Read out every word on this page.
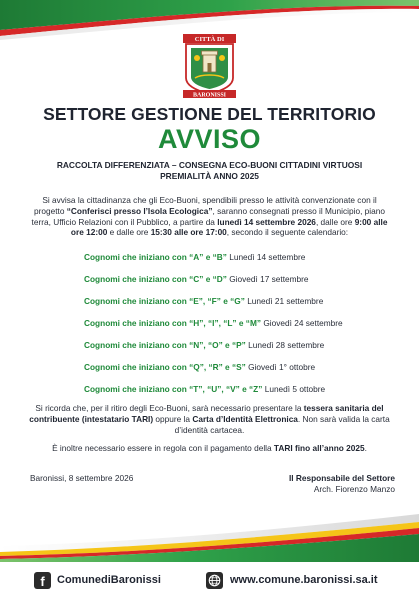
CITTÀ DI
BARONISSI
SETTORE GESTIONE DEL TERRITORIO
AVVISO
RACCOLTA DIFFERENZIATA – CONSEGNA ECO-BUONI CITTADINI VIRTUOSI
PREMIALITÀ ANNO 2025
Si avvisa la cittadinanza che gli Eco-Buoni, spendibili presso le attività convenzionate con il progetto “Conferisci presso l’Isola Ecologica”, saranno consegnati presso il Municipio, piano terra, Ufficio Relazioni con il Pubblico, a partire da lunedì 14 settembre 2026, dalle ore 9:00 alle ore 12:00 e dalle ore 15:30 alle ore 17:00, secondo il seguente calendario:
Cognomi che iniziano con “A” e “B” Lunedì 14 settembre
Cognomi che iniziano con “C” e “D” Giovedì 17 settembre
Cognomi che iniziano con “E”, “F” e “G” Lunedì 21 settembre
Cognomi che iniziano con “H”, “I”, “L” e “M” Giovedì 24 settembre
Cognomi che iniziano con “N”, “O” e “P” Lunedì 28 settembre
Cognomi che iniziano con “Q”, “R” e “S” Giovedì 1° ottobre
Cognomi che iniziano con “T”, “U”, “V” e “Z” Lunedì 5 ottobre
Si ricorda che, per il ritiro degli Eco-Buoni, sarà necessario presentare la tessera sanitaria del contribuente (intestatario TARI) oppure la Carta d’Identità Elettronica. Non sarà valida la carta d’identità cartacea.
È inoltre necessario essere in regola con il pagamento della TARI fino all’anno 2025.
Baronissi, 8 settembre 2026	Il Responsabile del Settore
Arch. Fiorenzo Manzo
f	ComunediBaronissi	www.comune.baronissi.sa.it
